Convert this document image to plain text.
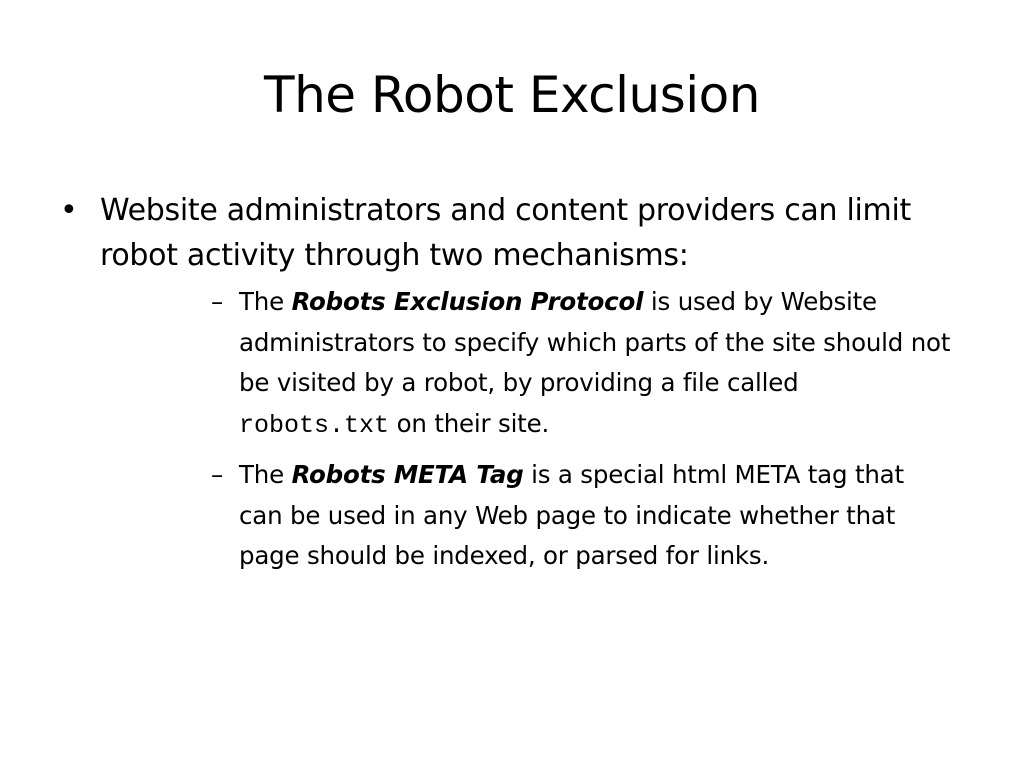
The Robot Exclusion
• Website administrators and content providers can limit robot activity through two mechanisms:
– The Robots Exclusion Protocol is used by Website administrators to specify which parts of the site should not be visited by a robot, by providing a file called robots.txt on their site.
– The Robots META Tag is a special html META tag that can be used in any Web page to indicate whether that page should be indexed, or parsed for links.
